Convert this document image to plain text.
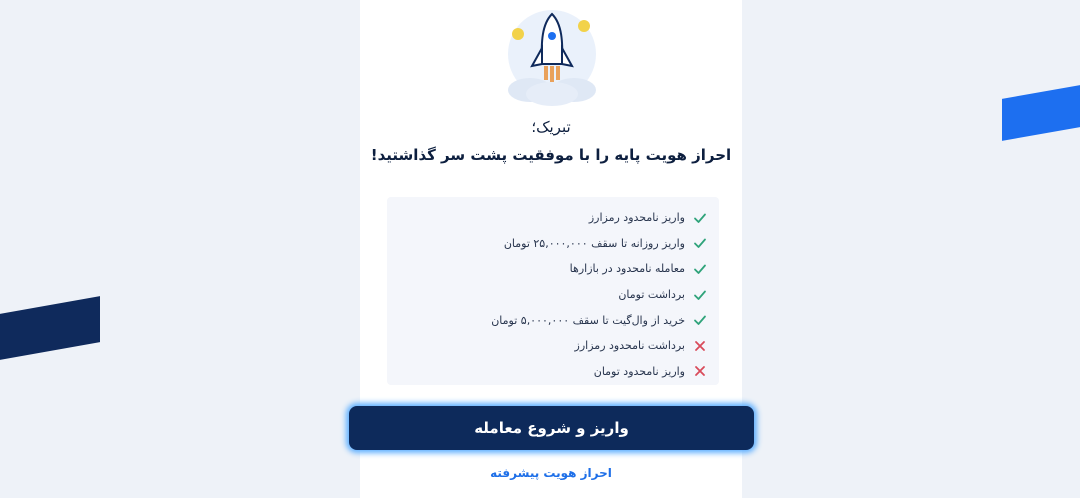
تبریک؛
احراز هویت پایه را با موفقیت پشت سر گذاشتید!
واریز نامحدود رمزارز
واریز روزانه تا سقف ۲۵,۰۰۰,۰۰۰ تومان
معامله نامحدود در بازارها
برداشت تومان
خرید از وال‌گیت تا سقف ۵,۰۰۰,۰۰۰ تومان
برداشت نامحدود رمزارز
واریز نامحدود تومان
واریز و شروع معامله
احراز هویت پیشرفته
